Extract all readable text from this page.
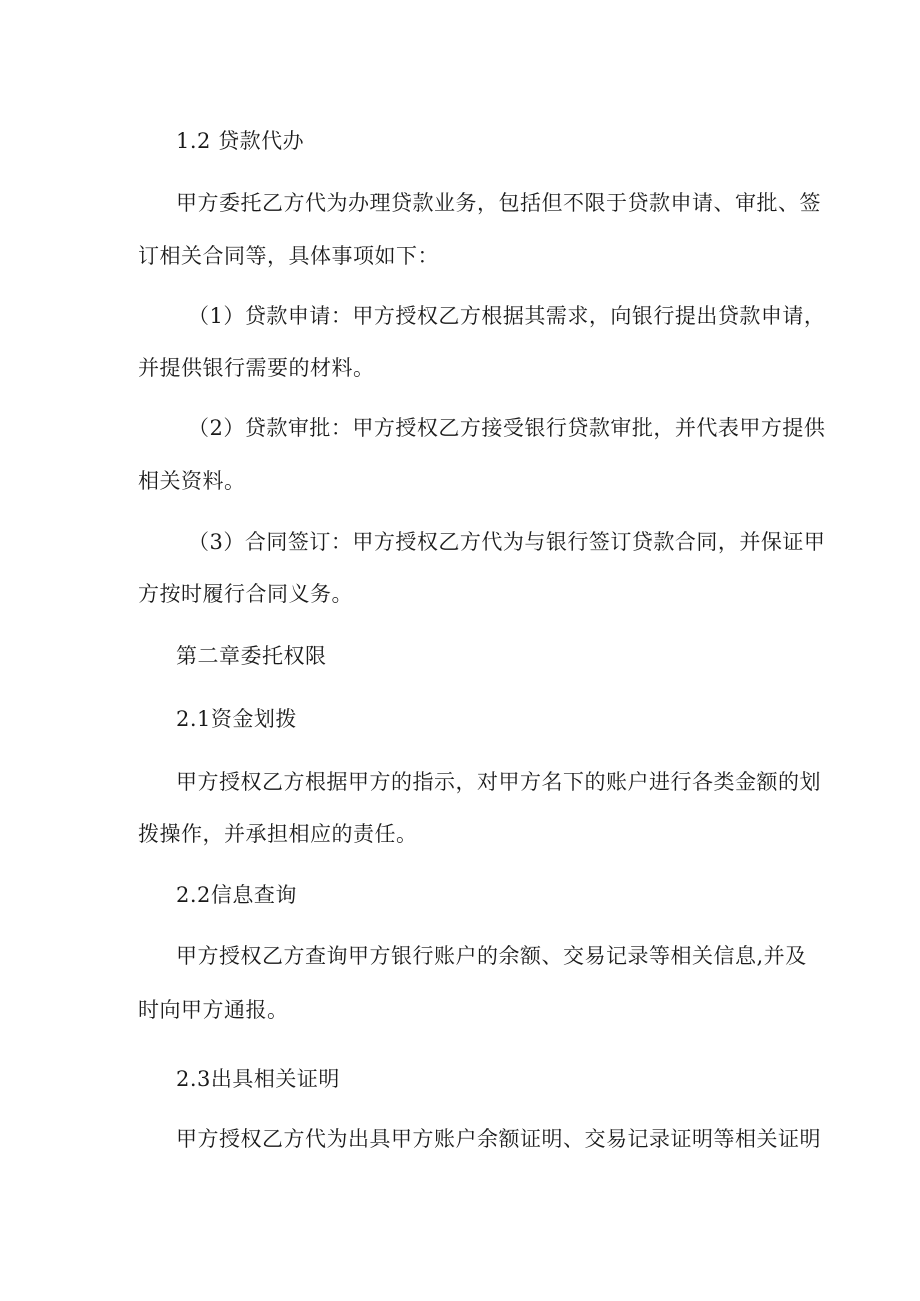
1.2 贷款代办
甲方委托乙方代为办理贷款业务，包括但不限于贷款申请、审批、签
订相关合同等，具体事项如下：
（1）贷款申请：甲方授权乙方根据其需求，向银行提出贷款申请，
并提供银行需要的材料。
（2）贷款审批：甲方授权乙方接受银行贷款审批，并代表甲方提供
相关资料。
（3）合同签订：甲方授权乙方代为与银行签订贷款合同，并保证甲
方按时履行合同义务。
第二章委托权限
2.1资金划拨
甲方授权乙方根据甲方的指示，对甲方名下的账户进行各类金额的划
拨操作，并承担相应的责任。
2.2信息查询
甲方授权乙方查询甲方银行账户的余额、交易记录等相关信息,并及
时向甲方通报。
2.3出具相关证明
甲方授权乙方代为出具甲方账户余额证明、交易记录证明等相关证明
